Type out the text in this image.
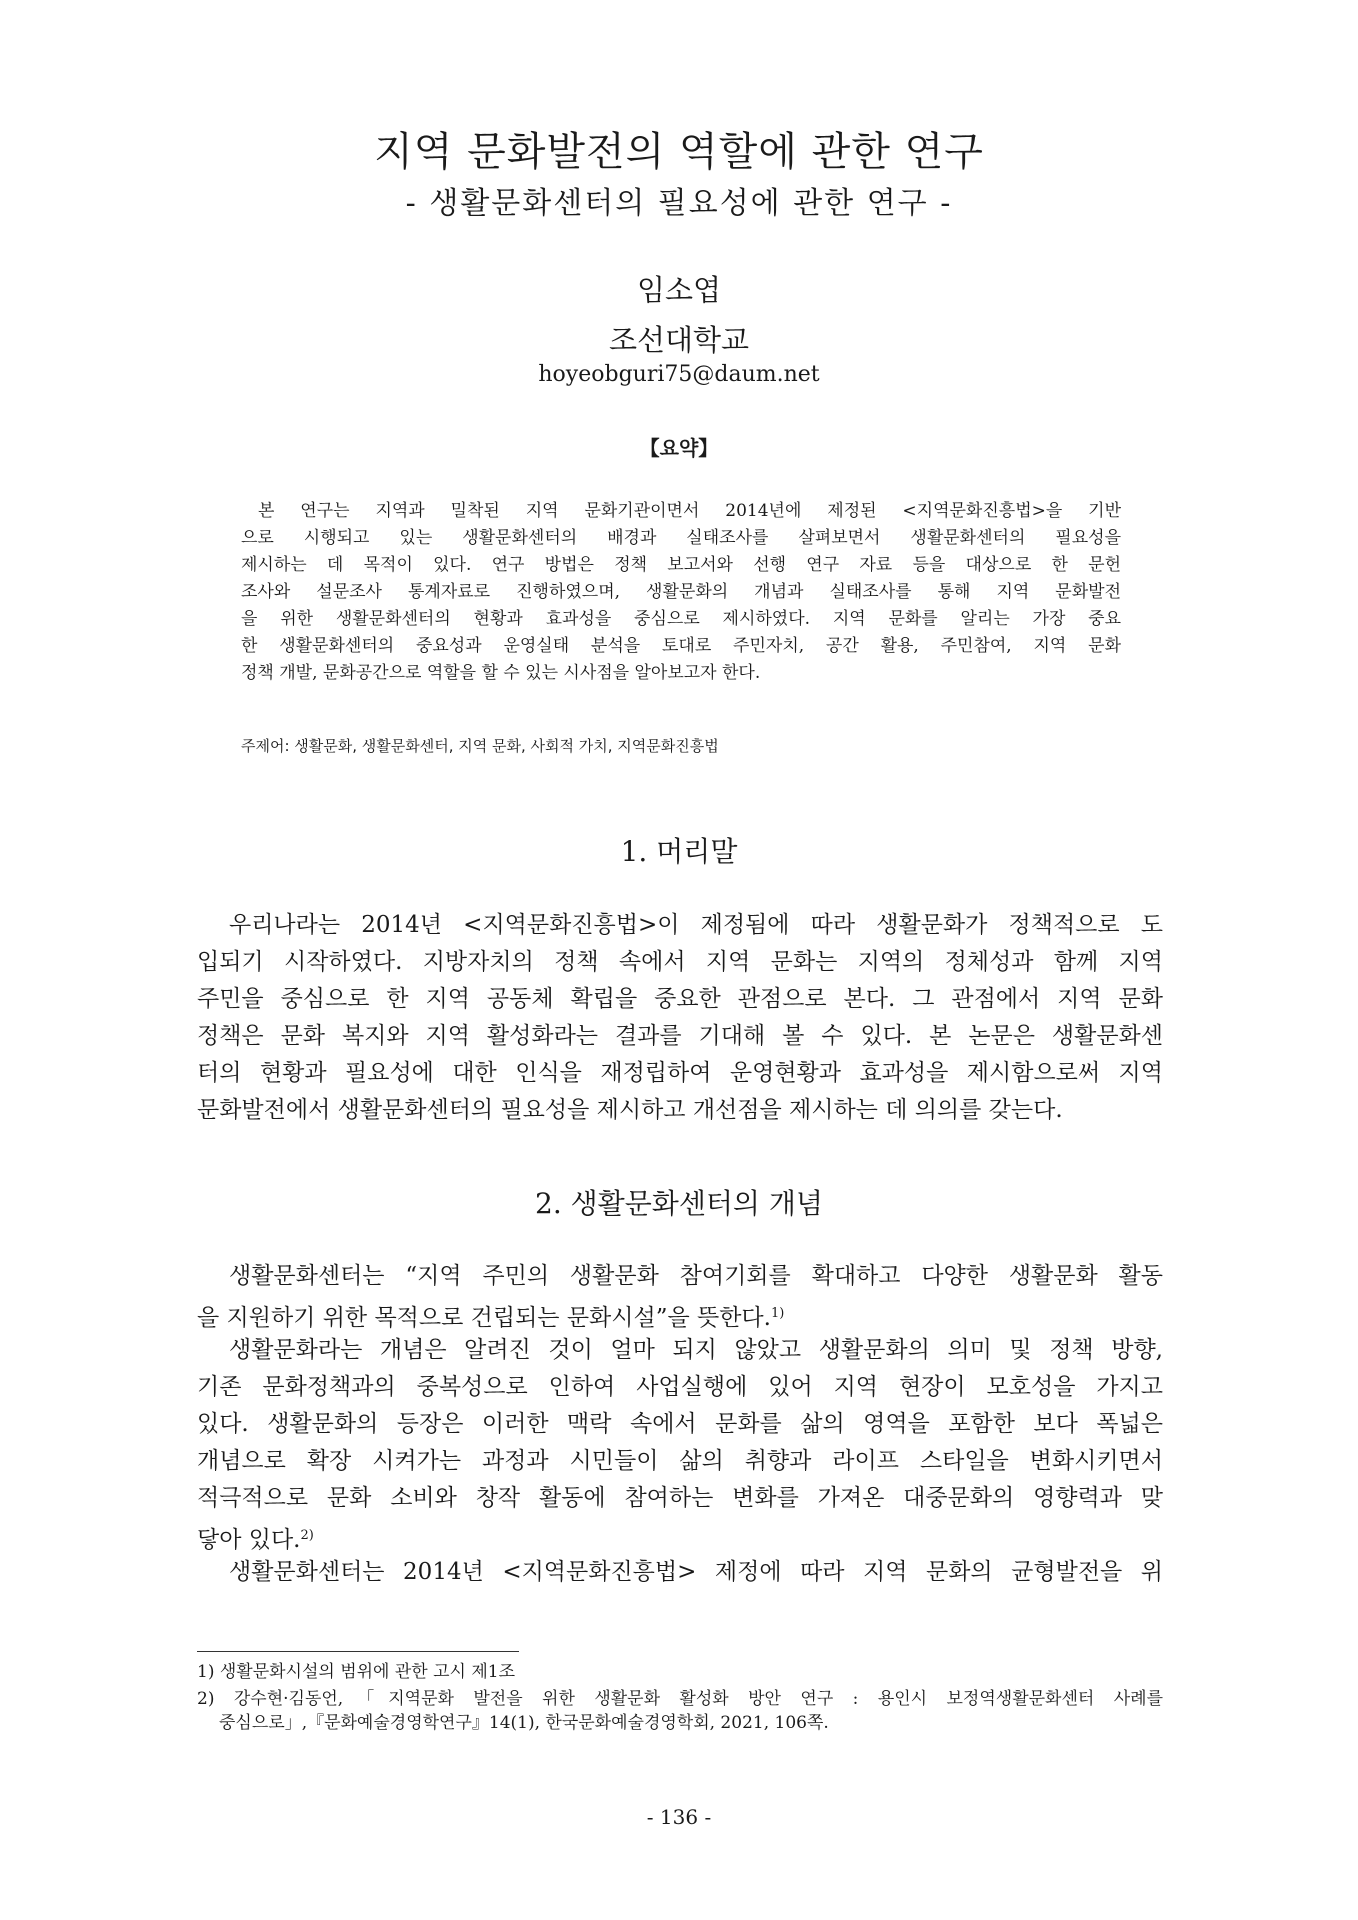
지역 문화발전의 역할에 관한 연구
- 생활문화센터의 필요성에 관한 연구 -
임소엽
조선대학교
hoyeobguri75@daum.net
【요약】
본 연구는 지역과 밀착된 지역 문화기관이면서 2014년에 제정된 <지역문화진흥법>을 기반
으로 시행되고 있는 생활문화센터의 배경과 실태조사를 살펴보면서 생활문화센터의 필요성을
제시하는 데 목적이 있다. 연구 방법은 정책 보고서와 선행 연구 자료 등을 대상으로 한 문헌
조사와 설문조사 통계자료로 진행하였으며, 생활문화의 개념과 실태조사를 통해 지역 문화발전
을 위한 생활문화센터의 현황과 효과성을 중심으로 제시하였다. 지역 문화를 알리는 가장 중요
한 생활문화센터의 중요성과 운영실태 분석을 토대로 주민자치, 공간 활용, 주민참여, 지역 문화
정책 개발, 문화공간으로 역할을 할 수 있는 시사점을 알아보고자 한다.
주제어: 생활문화, 생활문화센터, 지역 문화, 사회적 가치, 지역문화진흥법
1. 머리말
우리나라는 2014년 <지역문화진흥법>이 제정됨에 따라 생활문화가 정책적으로 도
입되기 시작하였다. 지방자치의 정책 속에서 지역 문화는 지역의 정체성과 함께 지역
주민을 중심으로 한 지역 공동체 확립을 중요한 관점으로 본다. 그 관점에서 지역 문화
정책은 문화 복지와 지역 활성화라는 결과를 기대해 볼 수 있다. 본 논문은 생활문화센
터의 현황과 필요성에 대한 인식을 재정립하여 운영현황과 효과성을 제시함으로써 지역
문화발전에서 생활문화센터의 필요성을 제시하고 개선점을 제시하는 데 의의를 갖는다.
2. 생활문화센터의 개념
생활문화센터는 “지역 주민의 생활문화 참여기회를 확대하고 다양한 생활문화 활동
을 지원하기 위한 목적으로 건립되는 문화시설”을 뜻한다.$^{1)}$
생활문화라는 개념은 알려진 것이 얼마 되지 않았고 생활문화의 의미 및 정책 방향,
기존 문화정책과의 중복성으로 인하여 사업실행에 있어 지역 현장이 모호성을 가지고
있다. 생활문화의 등장은 이러한 맥락 속에서 문화를 삶의 영역을 포함한 보다 폭넓은
개념으로 확장 시켜가는 과정과 시민들이 삶의 취향과 라이프 스타일을 변화시키면서
적극적으로 문화 소비와 창작 활동에 참여하는 변화를 가져온 대중문화의 영향력과 맞
닿아 있다.$^{2)}$
생활문화센터는 2014년 <지역문화진흥법> 제정에 따라 지역 문화의 균형발전을 위
1) 생활문화시설의 범위에 관한 고시 제1조
2) 강수현·김동언,「지역문화 발전을 위한 생활문화 활성화 방안 연구 : 용인시 보정역생활문화센터 사례를
중심으로」,『문화예술경영학연구』14(1), 한국문화예술경영학회, 2021, 106쪽.
- 136 -
